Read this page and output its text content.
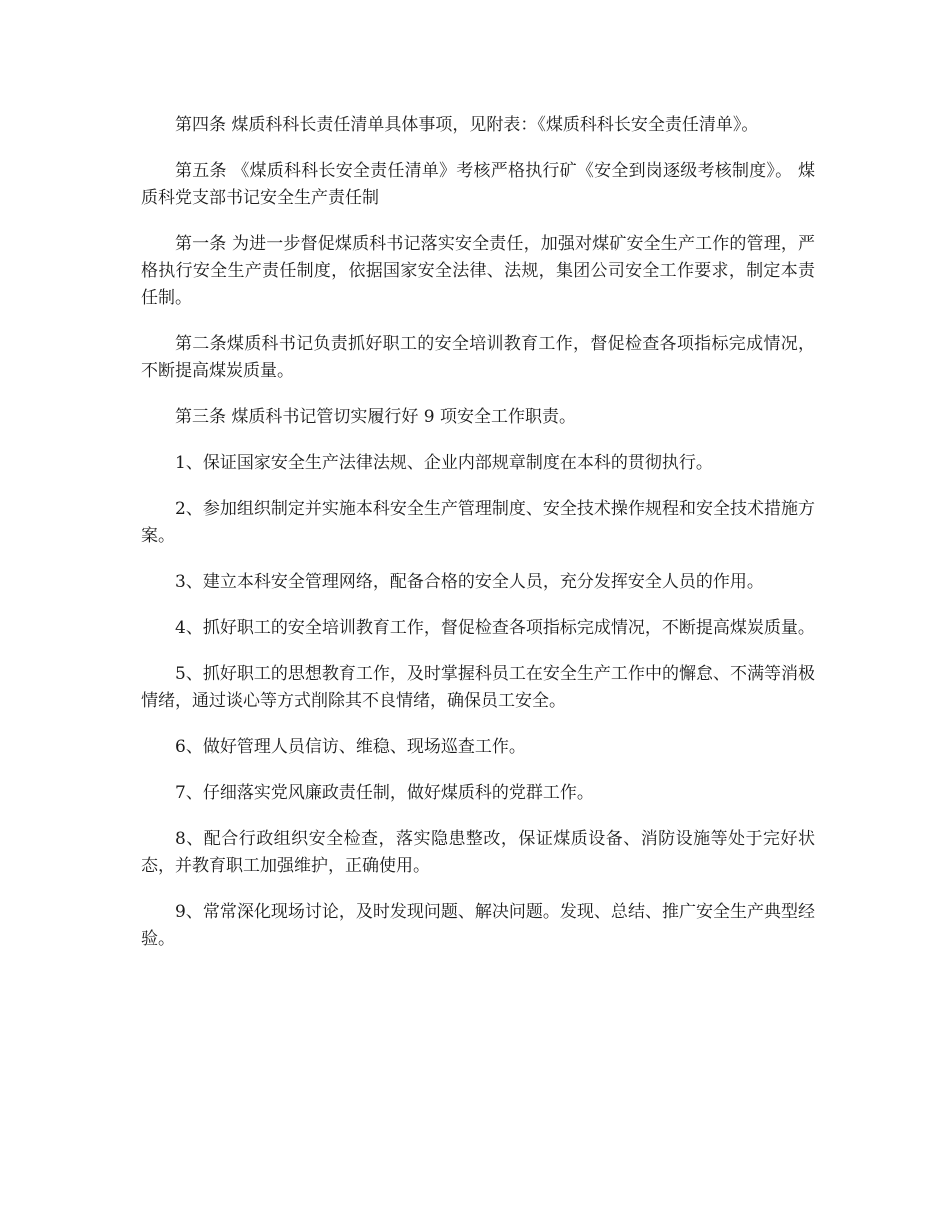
第四条 煤质科科长责任清单具体事项，见附表：《煤质科科长安全责任清单》。

第五条 《煤质科科长安全责任清单》考核严格执行矿《安全到岗逐级考核制度》。 煤质科党支部书记安全生产责任制

第一条 为进一步督促煤质科书记落实安全责任，加强对煤矿安全生产工作的管理，严格执行安全生产责任制度，依据国家安全法律、法规，集团公司安全工作要求，制定本责任制。

第二条煤质科书记负责抓好职工的安全培训教育工作，督促检查各项指标完成情况，不断提高煤炭质量。

第三条 煤质科书记管切实履行好 9 项安全工作职责。

1、保证国家安全生产法律法规、企业内部规章制度在本科的贯彻执行。

2、参加组织制定并实施本科安全生产管理制度、安全技术操作规程和安全技术措施方案。

3、建立本科安全管理网络，配备合格的安全人员，充分发挥安全人员的作用。

4、抓好职工的安全培训教育工作，督促检查各项指标完成情况，不断提高煤炭质量。

5、抓好职工的思想教育工作，及时掌握科员工在安全生产工作中的懈怠、不满等消极情绪，通过谈心等方式削除其不良情绪，确保员工安全。

6、做好管理人员信访、维稳、现场巡查工作。

7、仔细落实党风廉政责任制，做好煤质科的党群工作。

8、配合行政组织安全检查，落实隐患整改，保证煤质设备、消防设施等处于完好状态，并教育职工加强维护，正确使用。

9、常常深化现场讨论，及时发现问题、解决问题。发现、总结、推广安全生产典型经验。
